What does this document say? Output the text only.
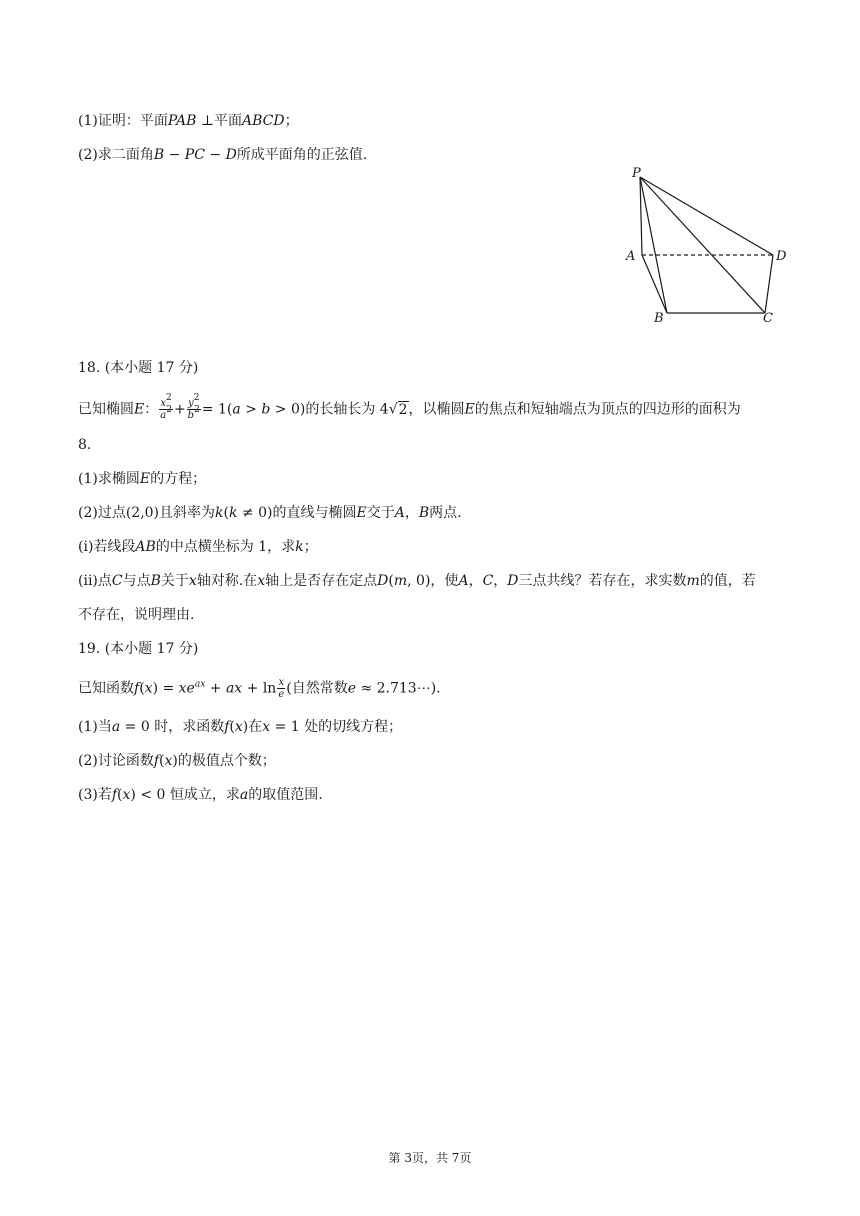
(1)证明：平面PAB ⊥平面ABCD；
(2)求二面角B − PC − D所成平面角的正弦值.
P
A
B	C
D
18. (本小题 17 分)
已知椭圆E： $\frac{x^2}{a^2} + \frac{y^2}{b^2} = 1(a > b > 0)$的长轴长为 4√2，以椭圆E的焦点和短轴端点为顶点的四边形的面积为
8.
(1)求椭圆E的方程；
(2)过点(2,0)且斜率为k(k ≠ 0)的直线与椭圆E交于A，B两点.
(i)若线段AB的中点横坐标为 1，求k；
(ii)点C与点B关于x轴对称.在x轴上是否存在定点D(m, 0)，使A，C，D三点共线？若存在，求实数m的值，若
不存在，说明理由.
19. (本小题 17 分)
已知函数$f(x) = xe^{ax}$ + ax + $\ln \frac{x}{e}$ (自然常数e ≈ 2.713⋯).
(1)当a = 0 时，求函数f(x)在x = 1 处的切线方程；
(2)讨论函数f(x)的极值点个数；
(3)若f(x) < 0 恒成立，求a的取值范围.
第 3页，共 7页
